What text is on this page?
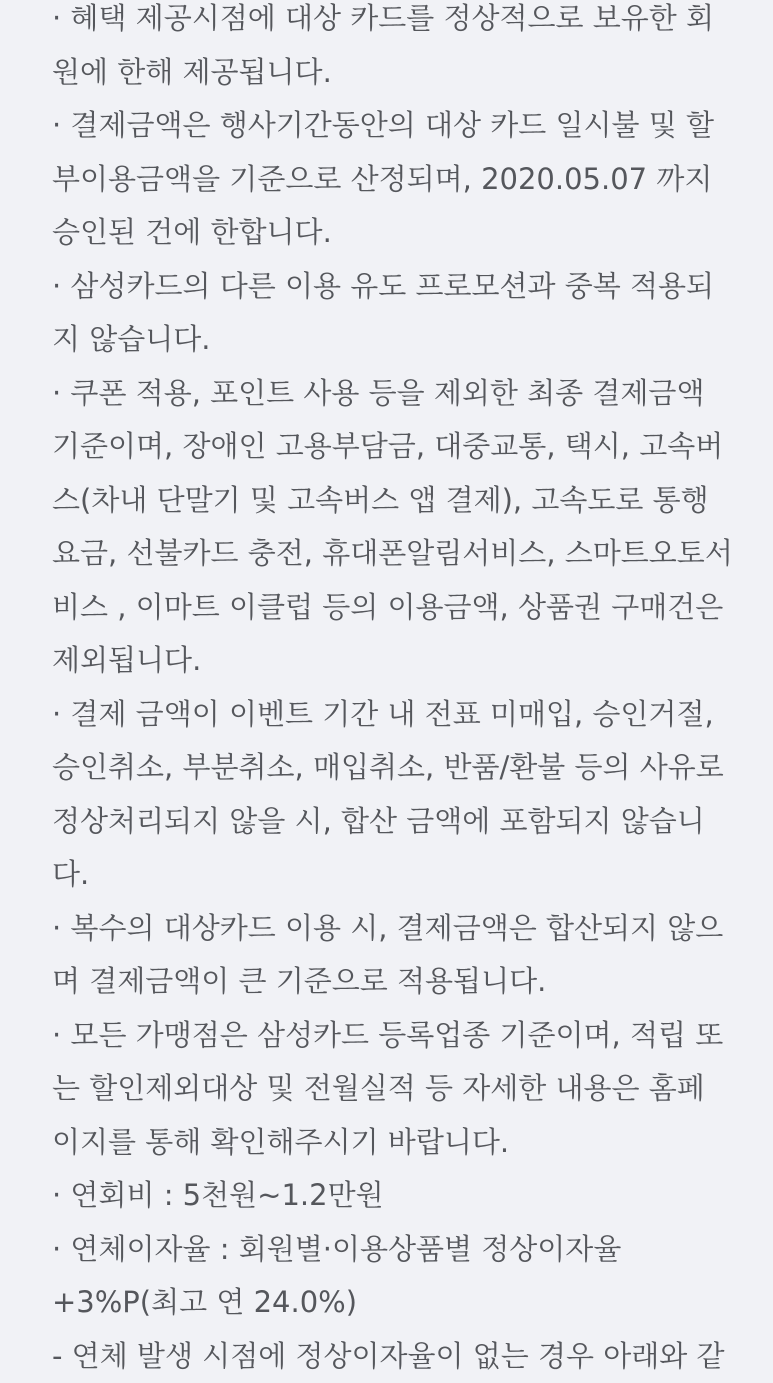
· 혜택 제공시점에 대상 카드를 정상적으로 보유한 회
원에 한해 제공됩니다.
· 결제금액은 행사기간동안의 대상 카드 일시불 및 할
부이용금액을 기준으로 산정되며, 2020.05.07 까지
승인된 건에 한합니다.
· 삼성카드의 다른 이용 유도 프로모션과 중복 적용되
지 않습니다.
· 쿠폰 적용, 포인트 사용 등을 제외한 최종 결제금액
기준이며, 장애인 고용부담금, 대중교통, 택시, 고속버
스(차내 단말기 및 고속버스 앱 결제), 고속도로 통행
요금, 선불카드 충전, 휴대폰알림서비스, 스마트오토서
비스 , 이마트 이클럽 등의 이용금액, 상품권 구매건은
제외됩니다.
· 결제 금액이 이벤트 기간 내 전표 미매입, 승인거절,
승인취소, 부분취소, 매입취소, 반품/환불 등의 사유로
정상처리되지 않을 시, 합산 금액에 포함되지 않습니
다.
· 복수의 대상카드 이용 시, 결제금액은 합산되지 않으
며 결제금액이 큰 기준으로 적용됩니다.
· 모든 가맹점은 삼성카드 등록업종 기준이며, 적립 또
는 할인제외대상 및 전월실적 등 자세한 내용은 홈페
이지를 통해 확인해주시기 바랍니다.
· 연회비 : 5천원~1.2만원
· 연체이자율 : 회원별·이용상품별 정상이자율
+3%P(최고 연 24.0%)
- 연체 발생 시점에 정상이자율이 없는 경우 아래와 같
